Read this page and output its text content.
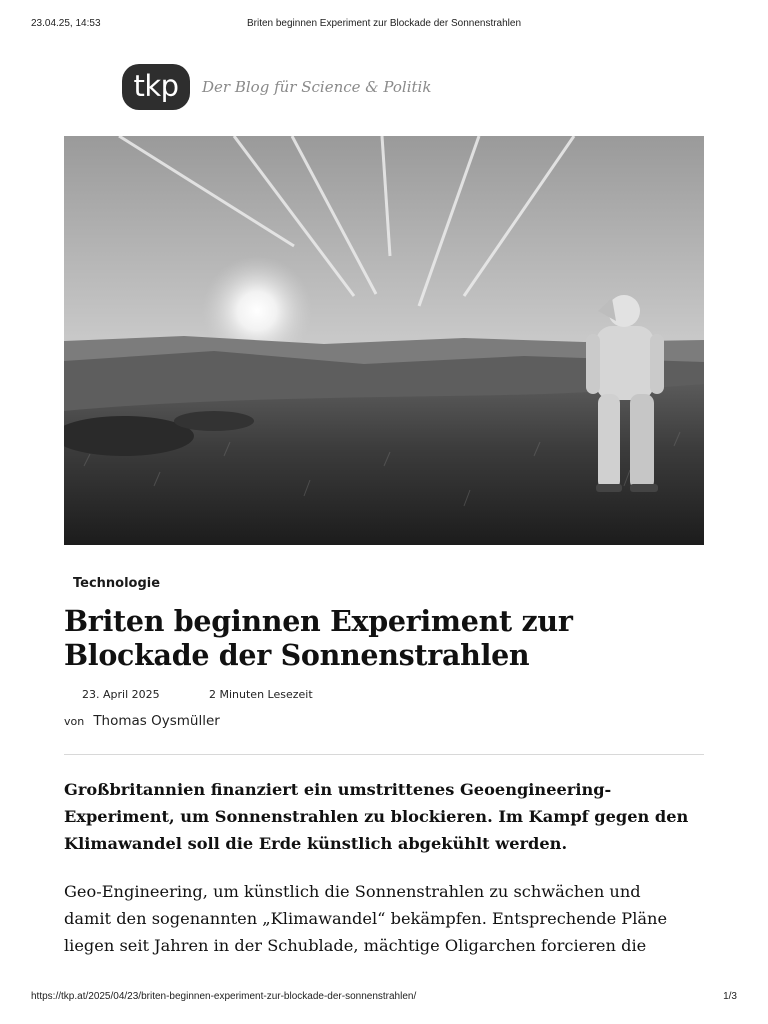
23.04.25, 14:53	Briten beginnen Experiment zur Blockade der Sonnenstrahlen
tkp	Der Blog für Science & Politik
Technologie
Briten beginnen Experiment zur
Blockade der Sonnenstrahlen
23. April 2025	2 Minuten Lesezeit
von Thomas Oysmüller

Großbritannien finanziert ein umstrittenes Geoengineering-
Experiment, um Sonnenstrahlen zu blockieren. Im Kampf gegen den
Klimawandel soll die Erde künstlich abgekühlt werden.

Geo-Engineering, um künstlich die Sonnenstrahlen zu schwächen und
damit den sogenannten „Klimawandel“ bekämpfen. Entsprechende Pläne
liegen seit Jahren in der Schublade, mächtige Oligarchen forcieren die

https://tkp.at/2025/04/23/briten-beginnen-experiment-zur-blockade-der-sonnenstrahlen/	1/3
